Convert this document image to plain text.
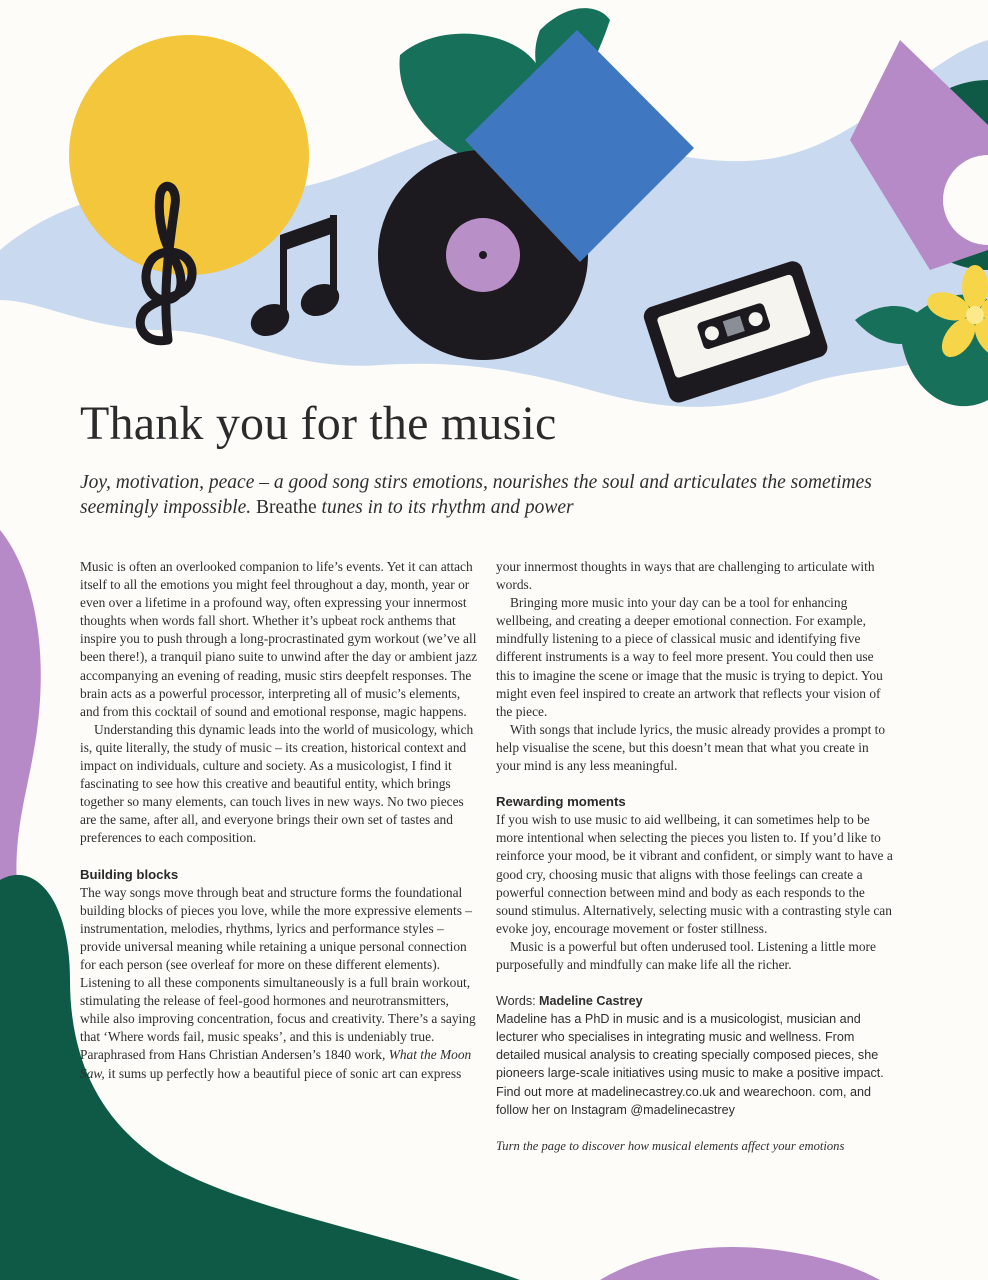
Thank you for the music

Joy, motivation, peace – a good song stirs emotions, nourishes the soul and articulates the sometimes seemingly impossible. Breathe tunes in to its rhythm and power

Music is often an overlooked companion to life’s events. Yet it can attach itself to all the emotions you might feel throughout a day, month, year or even over a lifetime in a profound way, often expressing your innermost thoughts when words fall short. Whether it’s upbeat rock anthems that inspire you to push through a long-procrastinated gym workout (we’ve all been there!), a tranquil piano suite to unwind after the day or ambient jazz accompanying an evening of reading, music stirs deepfelt responses. The brain acts as a powerful processor, interpreting all of music’s elements, and from this cocktail of sound and emotional response, magic happens.

Understanding this dynamic leads into the world of musicology, which is, quite literally, the study of music – its creation, historical context and impact on individuals, culture and society. As a musicologist, I find it fascinating to see how this creative and beautiful entity, which brings together so many elements, can touch lives in new ways. No two pieces are the same, after all, and everyone brings their own set of tastes and preferences to each composition.

Building blocks

The way songs move through beat and structure forms the foundational building blocks of pieces you love, while the more expressive elements – instrumentation, melodies, rhythms, lyrics and performance styles – provide universal meaning while retaining a unique personal connection for each person (see overleaf for more on these different elements). Listening to all these components simultaneously is a full brain workout, stimulating the release of feel-good hormones and neurotransmitters, while also improving concentration, focus and creativity. There’s a saying that ‘Where words fail, music speaks’, and this is undeniably true. Paraphrased from Hans Christian Andersen’s 1840 work, What the Moon Saw, it sums up perfectly how a beautiful piece of sonic art can express

your innermost thoughts in ways that are challenging to articulate with words.

Bringing more music into your day can be a tool for enhancing wellbeing, and creating a deeper emotional connection. For example, mindfully listening to a piece of classical music and identifying five different instruments is a way to feel more present. You could then use this to imagine the scene or image that the music is trying to depict. You might even feel inspired to create an artwork that reflects your vision of the piece.

With songs that include lyrics, the music already provides a prompt to help visualise the scene, but this doesn’t mean that what you create in your mind is any less meaningful.

Rewarding moments

If you wish to use music to aid wellbeing, it can sometimes help to be more intentional when selecting the pieces you listen to. If you’d like to reinforce your mood, be it vibrant and confident, or simply want to have a good cry, choosing music that aligns with those feelings can create a powerful connection between mind and body as each responds to the sound stimulus. Alternatively, selecting music with a contrasting style can evoke joy, encourage movement or foster stillness.

Music is a powerful but often underused tool. Listening a little more purposefully and mindfully can make life all the richer.

Words: Madeline Castrey

Madeline has a PhD in music and is a musicologist, musician and lecturer who specialises in integrating music and wellness. From detailed musical analysis to creating specially composed pieces, she pioneers large-scale initiatives using music to make a positive impact. Find out more at madelinecastrey.co.uk and wearechoon. com, and follow her on Instagram @madelinecastrey

Turn the page to discover how musical elements affect your emotions
